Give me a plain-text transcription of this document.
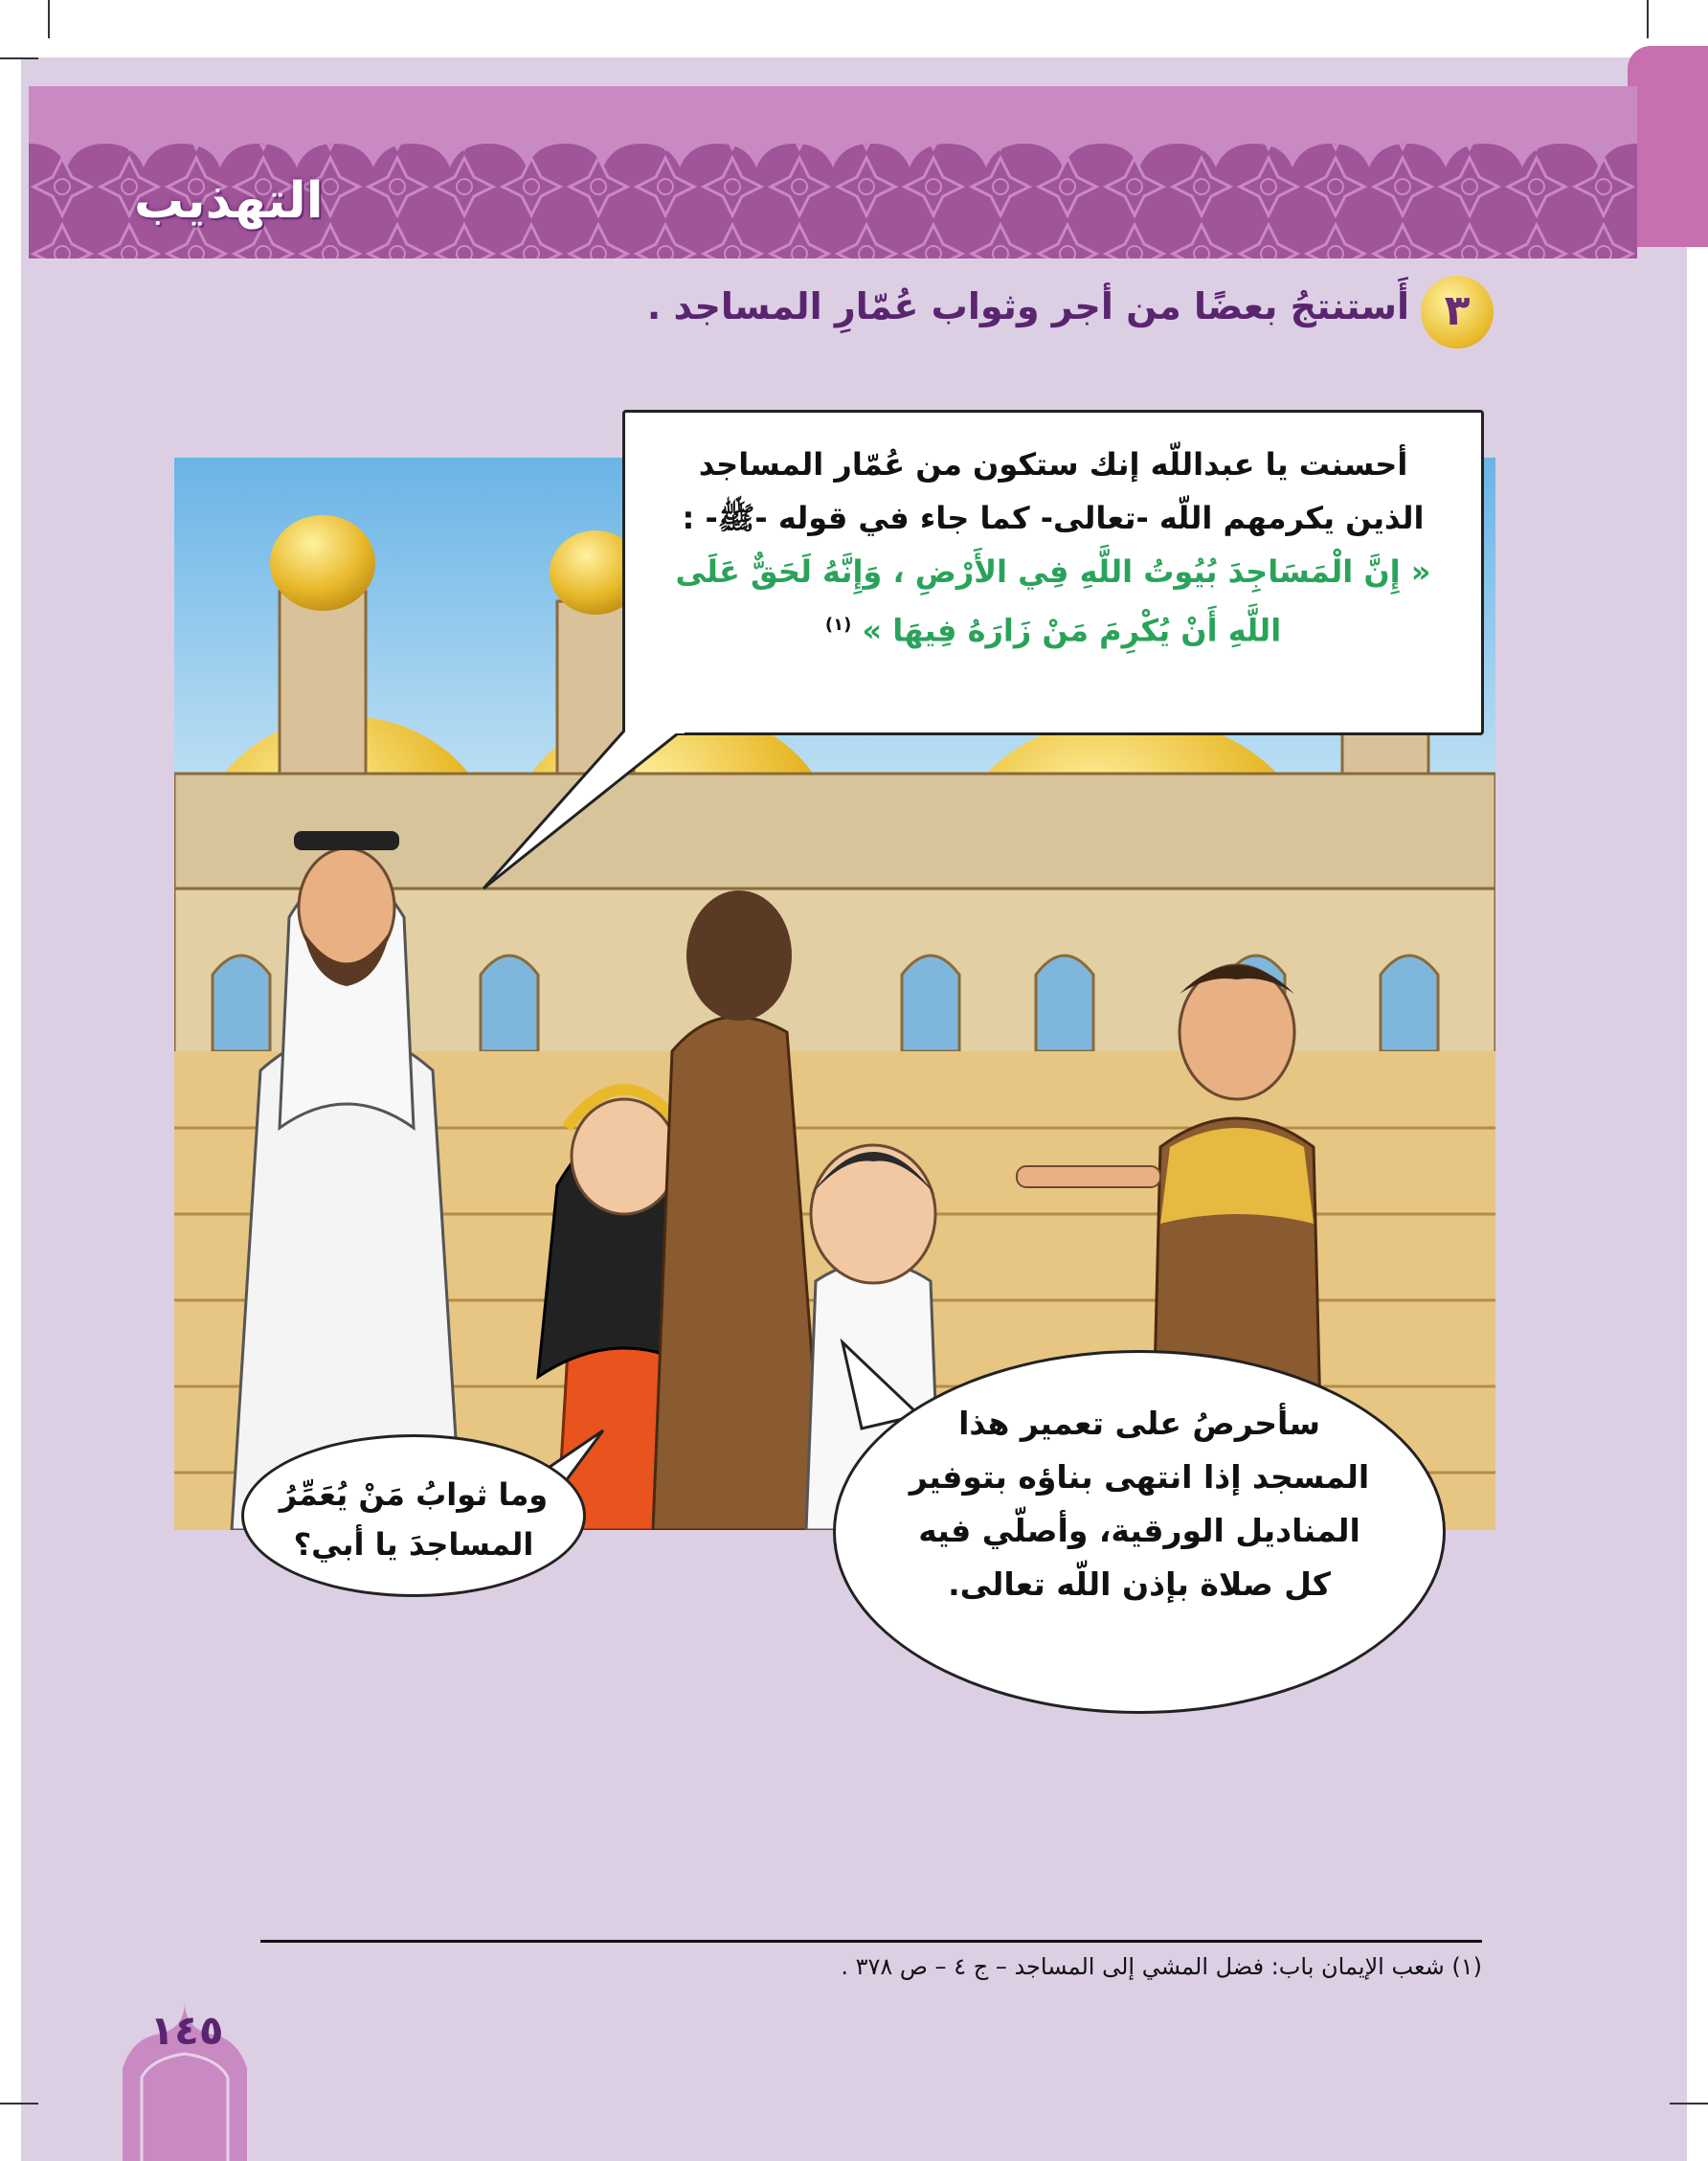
التهذيب
٣
أَستنتجُ بعضًا من أجر وثواب عُمّارِ المساجد .
أحسنت يا عبداللّه إنك ستكون من عُمّار المساجد
الذين يكرمهم اللّه -تعالى- كما جاء في قوله -ﷺ- :
« إِنَّ الْمَسَاجِدَ بُيُوتُ اللَّهِ فِي الأَرْضِ ، وَإِنَّهُ لَحَقٌّ عَلَى
اللَّهِ أَنْ يُكْرِمَ مَنْ زَارَهُ فِيهَا » $^{(١)}$
وما ثوابُ مَنْ يُعَمِّرُ
المساجدَ يا أبي؟
سأحرصُ على تعمير هذا
المسجد إذا انتهى بناؤه بتوفير
المناديل الورقية، وأصلّي فيه
كل صلاة بإذن اللّه تعالى.
(١) شعب الإيمان باب: فضل المشي إلى المساجد – ج ٤ – ص ٣٧٨ .
١٤٥
